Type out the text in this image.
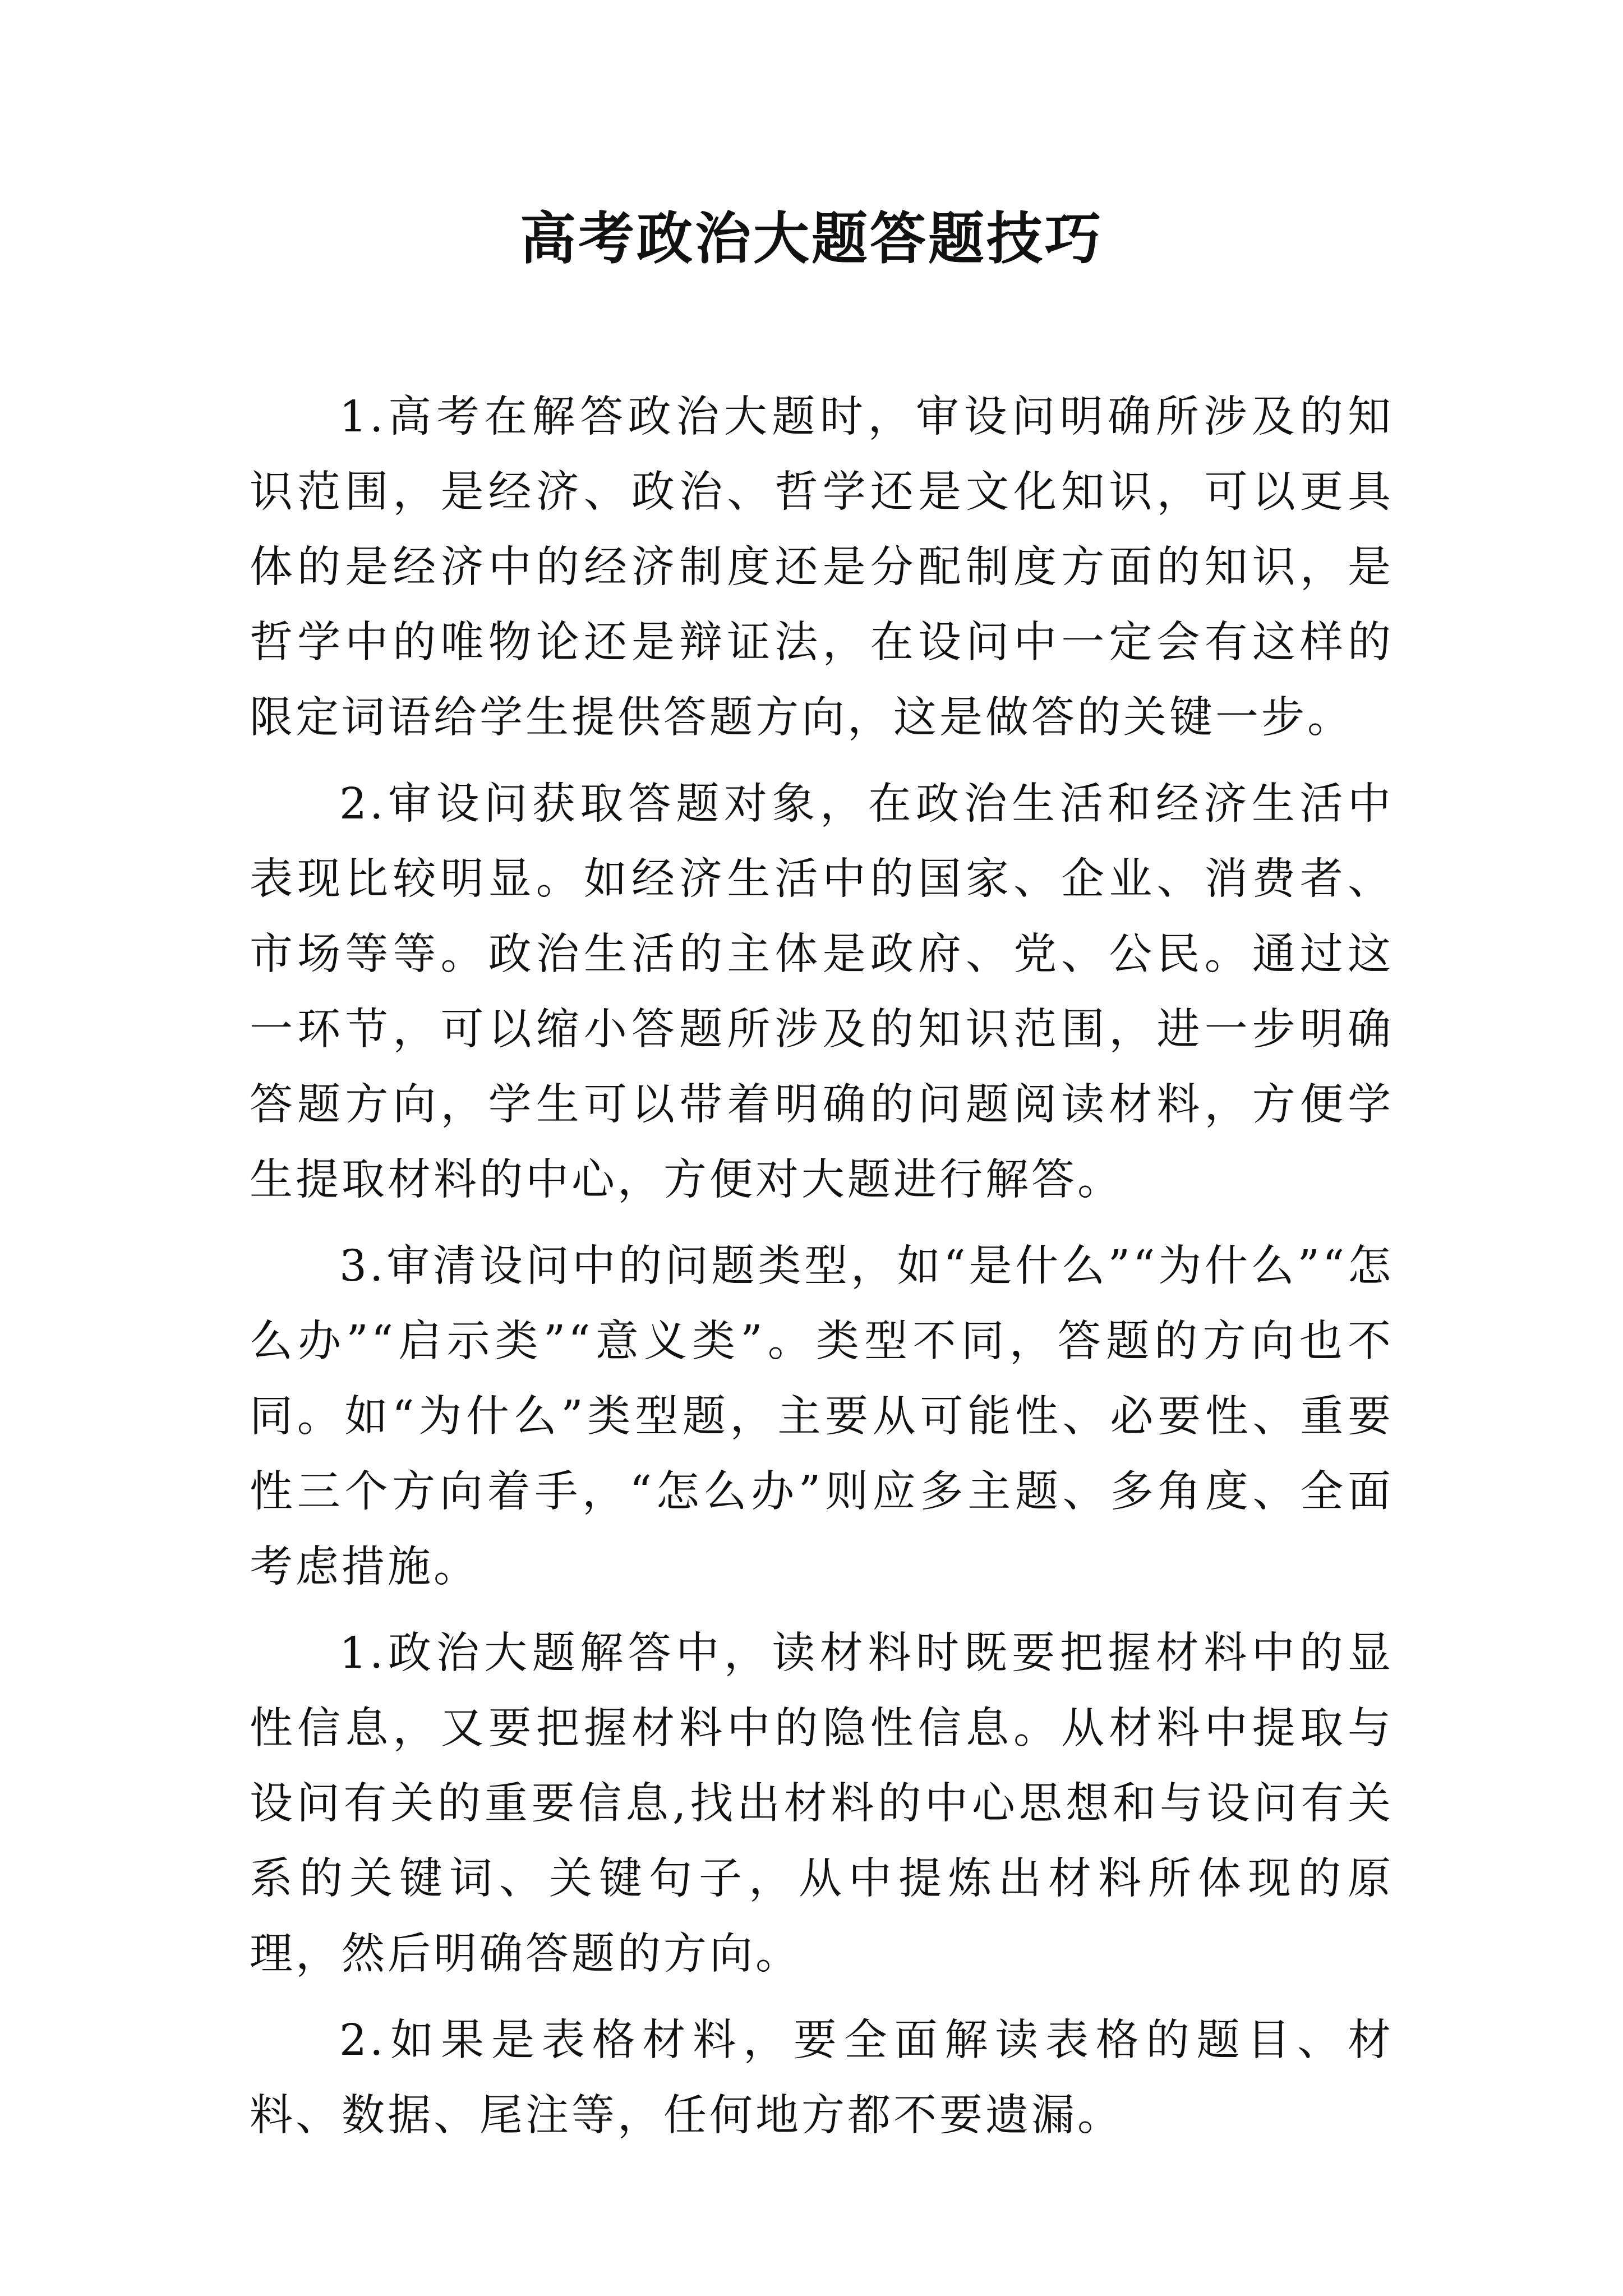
高考政治大题答题技巧

1.高考在解答政治大题时，审设问明确所涉及的知识范围，是经济、政治、哲学还是文化知识，可以更具体的是经济中的经济制度还是分配制度方面的知识，是哲学中的唯物论还是辩证法，在设问中一定会有这样的限定词语给学生提供答题方向，这是做答的关键一步。

2.审设问获取答题对象，在政治生活和经济生活中表现比较明显。如经济生活中的国家、企业、消费者、市场等等。政治生活的主体是政府、党、公民。通过这一环节，可以缩小答题所涉及的知识范围，进一步明确答题方向，学生可以带着明确的问题阅读材料，方便学生提取材料的中心，方便对大题进行解答。

3.审清设问中的问题类型，如“是什么”“为什么”“怎么办”“启示类”“意义类”。类型不同，答题的方向也不同。如“为什么”类型题，主要从可能性、必要性、重要性三个方向着手，“怎么办”则应多主题、多角度、全面考虑措施。

1.政治大题解答中，读材料时既要把握材料中的显性信息，又要把握材料中的隐性信息。从材料中提取与设问有关的重要信息,找出材料的中心思想和与设问有关系的关键词、关键句子，从中提炼出材料所体现的原理，然后明确答题的方向。

2.如果是表格材料，要全面解读表格的题目、材料、数据、尾注等，任何地方都不要遗漏。
